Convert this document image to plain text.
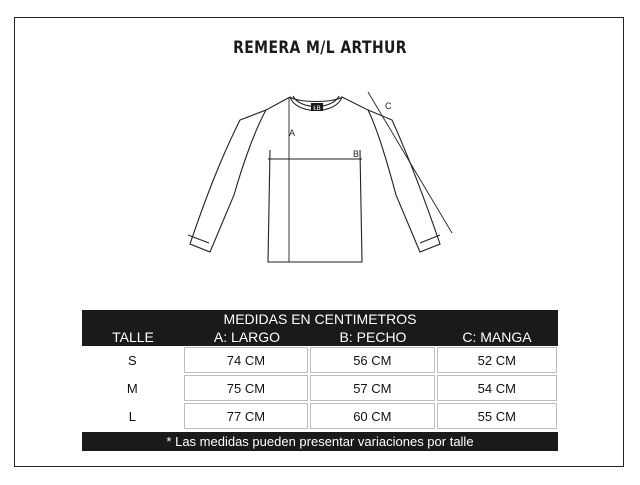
REMERA M/L ARTHUR
ŁB
A
B
C
MEDIDAS EN CENTIMETROS
TALLE	A: LARGO	B: PECHO	C: MANGA
S	74 CM	56 CM	52 CM
M	75 CM	57 CM	54 CM
L	77 CM	60 CM	55 CM
* Las medidas pueden presentar variaciones por talle
